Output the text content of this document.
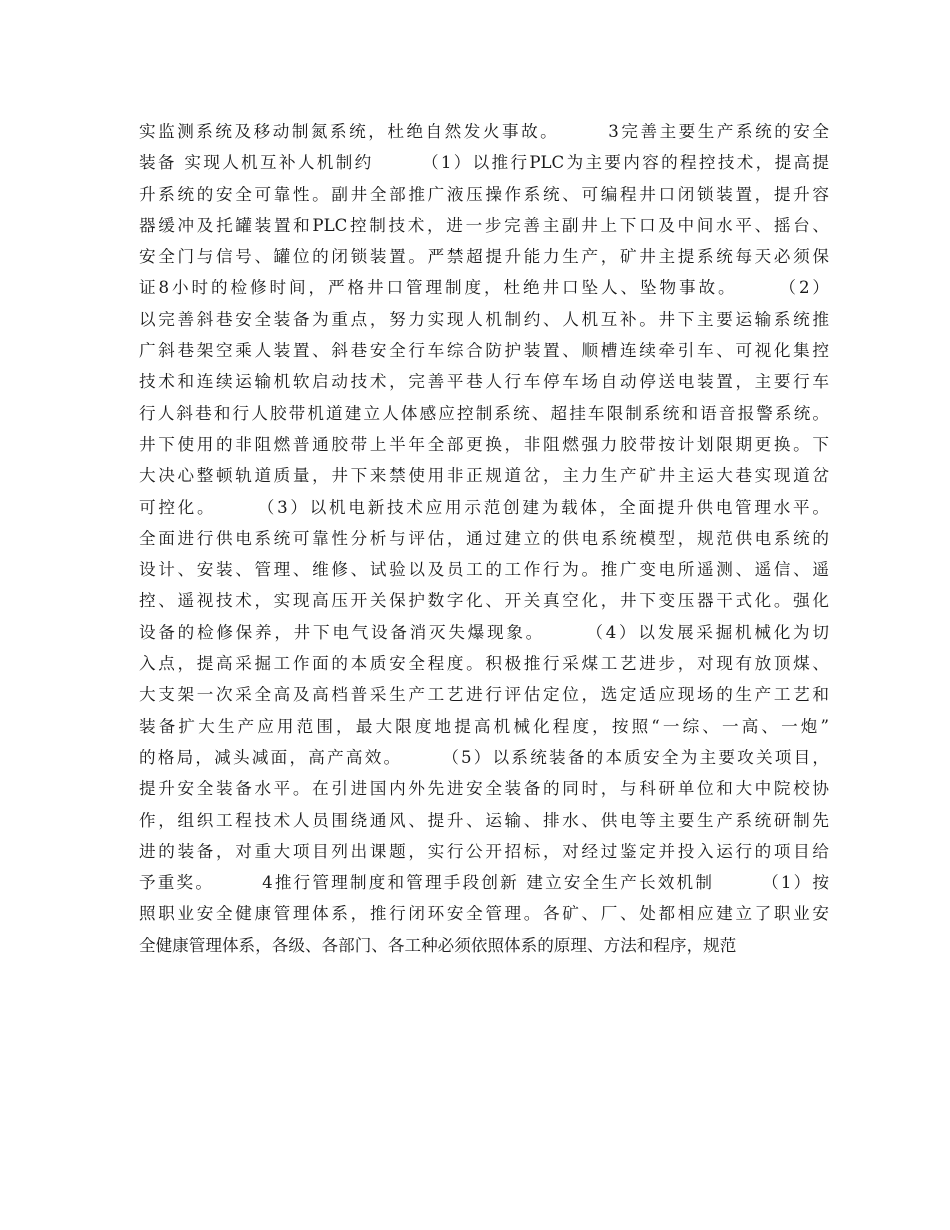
实监测系统及移动制氮系统，杜绝自然发火事故。　　　3完善主要生产系统的安全
装备 实现人机互补人机制约　　　（1）以推行PLC为主要内容的程控技术，提高提
升系统的安全可靠性。副井全部推广液压操作系统、可编程井口闭锁装置，提升容
器缓冲及托罐装置和PLC控制技术，进一步完善主副井上下口及中间水平、摇台、
安全门与信号、罐位的闭锁装置。严禁超提升能力生产，矿井主提系统每天必须保
证8小时的检修时间，严格井口管理制度，杜绝井口坠人、坠物事故。　　　（2）
以完善斜巷安全装备为重点，努力实现人机制约、人机互补。井下主要运输系统推
广斜巷架空乘人装置、斜巷安全行车综合防护装置、顺槽连续牵引车、可视化集控
技术和连续运输机软启动技术，完善平巷人行车停车场自动停送电装置，主要行车
行人斜巷和行人胶带机道建立人体感应控制系统、超挂车限制系统和语音报警系统。
井下使用的非阻燃普通胶带上半年全部更换，非阻燃强力胶带按计划限期更换。下
大决心整顿轨道质量，井下来禁使用非正规道岔，主力生产矿井主运大巷实现道岔
可控化。　　　（3）以机电新技术应用示范创建为载体，全面提升供电管理水平。
全面进行供电系统可靠性分析与评估，通过建立的供电系统模型，规范供电系统的
设计、安装、管理、维修、试验以及员工的工作行为。推广变电所遥测、遥信、遥
控、遥视技术，实现高压开关保护数字化、开关真空化，井下变压器干式化。强化
设备的检修保养，井下电气设备消灭失爆现象。　　　（4）以发展采掘机械化为切
入点，提高采掘工作面的本质安全程度。积极推行采煤工艺进步，对现有放顶煤、
大支架一次采全高及高档普采生产工艺进行评估定位，选定适应现场的生产工艺和
装备扩大生产应用范围，最大限度地提高机械化程度，按照“一综、一高、一炮”
的格局，减头减面，高产高效。　　　（5）以系统装备的本质安全为主要攻关项目，
提升安全装备水平。在引进国内外先进安全装备的同时，与科研单位和大中院校协
作，组织工程技术人员围绕通风、提升、运输、排水、供电等主要生产系统研制先
进的装备，对重大项目列出课题，实行公开招标，对经过鉴定并投入运行的项目给
予重奖。　　　4推行管理制度和管理手段创新 建立安全生产长效机制　　　（1）按
照职业安全健康管理体系，推行闭环安全管理。各矿、厂、处都相应建立了职业安
全健康管理体系，各级、各部门、各工种必须依照体系的原理、方法和程序，规范
